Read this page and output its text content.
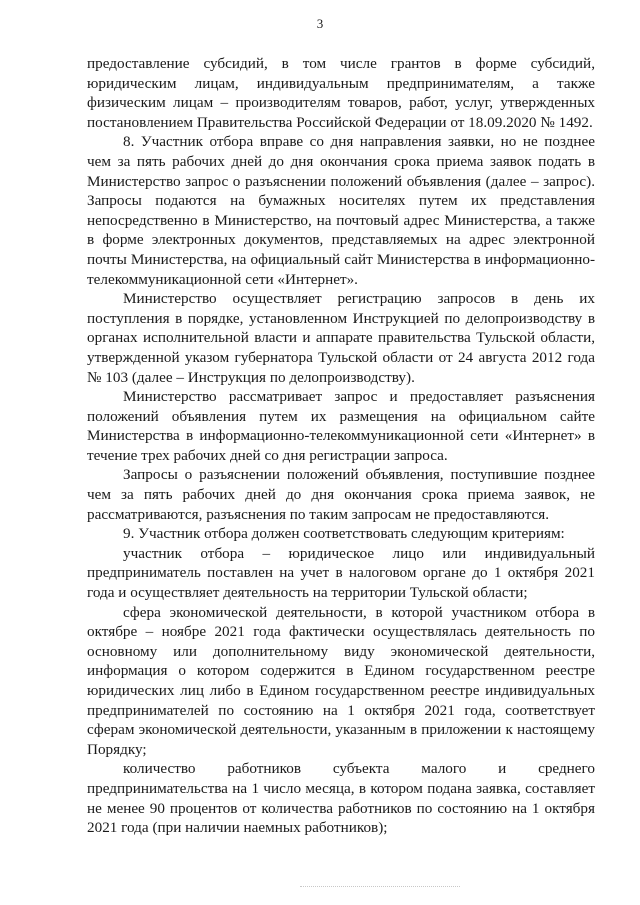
3

предоставление субсидий, в том числе грантов в форме субсидий, юридическим лицам, индивидуальным предпринимателям, а также физическим лицам – производителям товаров, работ, услуг, утвержденных постановлением Правительства Российской Федерации от 18.09.2020 № 1492.

8. Участник отбора вправе со дня направления заявки, но не позднее чем за пять рабочих дней до дня окончания срока приема заявок подать в Министерство запрос о разъяснении положений объявления (далее – запрос). Запросы подаются на бумажных носителях путем их представления непосредственно в Министерство, на почтовый адрес Министерства, а также в форме электронных документов, представляемых на адрес электронной почты Министерства, на официальный сайт Министерства в информационно-телекоммуникационной сети «Интернет».

Министерство осуществляет регистрацию запросов в день их поступления в порядке, установленном Инструкцией по делопроизводству в органах исполнительной власти и аппарате правительства Тульской области, утвержденной указом губернатора Тульской области от 24 августа 2012 года № 103 (далее – Инструкция по делопроизводству).

Министерство рассматривает запрос и предоставляет разъяснения положений объявления путем их размещения на официальном сайте Министерства в информационно-телекоммуникационной сети «Интернет» в течение трех рабочих дней со дня регистрации запроса.

Запросы о разъяснении положений объявления, поступившие позднее чем за пять рабочих дней до дня окончания срока приема заявок, не рассматриваются, разъяснения по таким запросам не предоставляются.

9. Участник отбора должен соответствовать следующим критериям:

участник отбора – юридическое лицо или индивидуальный предприниматель поставлен на учет в налоговом органе до 1 октября 2021 года и осуществляет деятельность на территории Тульской области;

сфера экономической деятельности, в которой участником отбора в октябре – ноябре 2021 года фактически осуществлялась деятельность по основному или дополнительному виду экономической деятельности, информация о котором содержится в Едином государственном реестре юридических лиц либо в Едином государственном реестре индивидуальных предпринимателей по состоянию на 1 октября 2021 года, соответствует сферам экономической деятельности, указанным в приложении к настоящему Порядку;

количество работников субъекта малого и среднего предпринимательства на 1 число месяца, в котором подана заявка, составляет не менее 90 процентов от количества работников по состоянию на 1 октября 2021 года (при наличии наемных работников);
